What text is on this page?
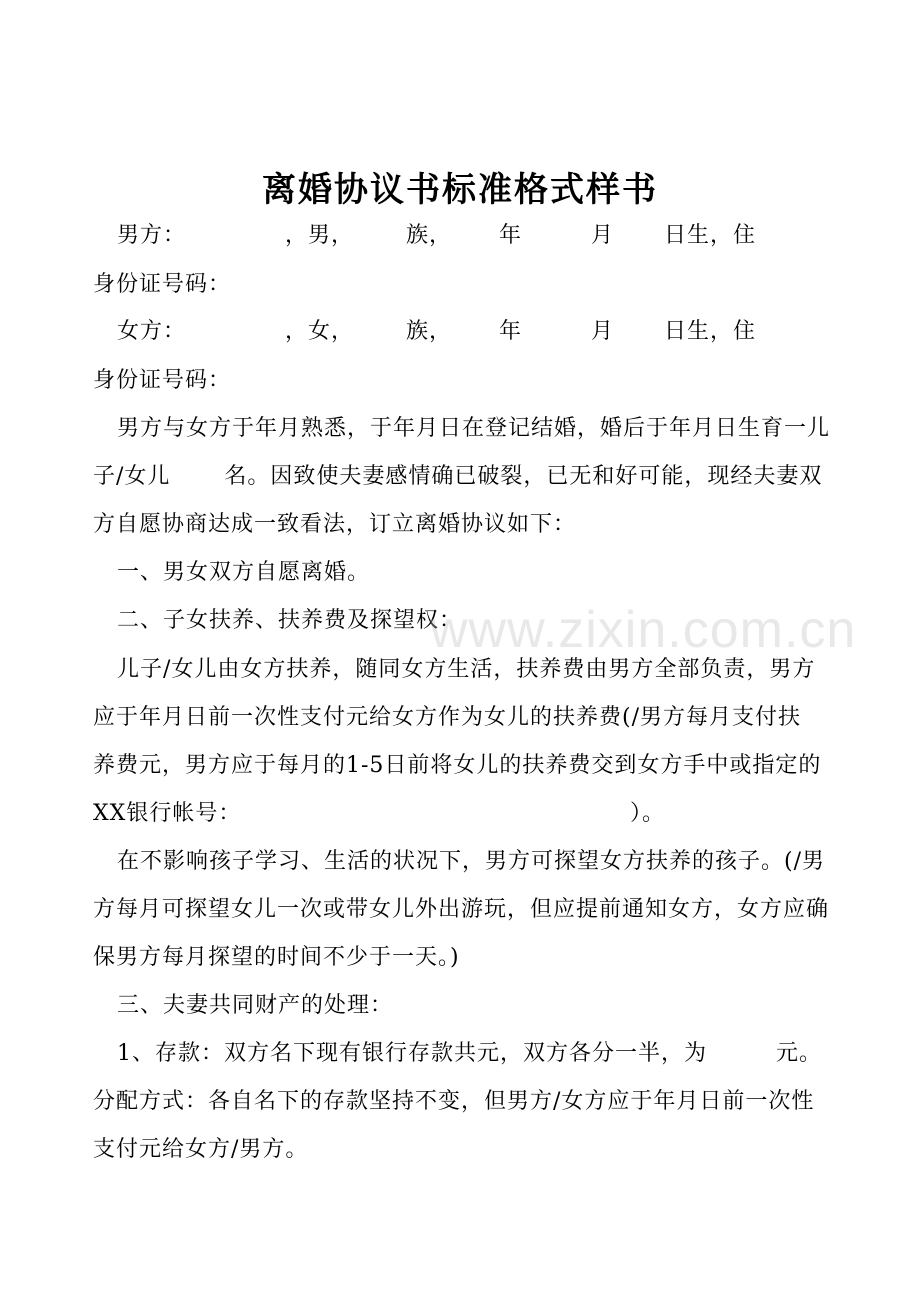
离婚协议书标准格式样书
男方：	，男， 族， 年	月 日生，住
身份证号码：
女方：	，女， 族， 年	月 日生，住
身份证号码：
男方与女方于年月熟悉，于年月日在登记结婚，婚后于年月日生育一儿
子/女儿　　 名。因致使夫妻感情确已破裂，已无和好可能，现经夫妻双
方自愿协商达成一致看法，订立离婚协议如下：
一、男女双方自愿离婚。
二、子女扶养、扶养费及探望权：
儿子/女儿由女方扶养，随同女方生活，扶养费由男方全部负责，男方
应于年月日前一次性支付元给女方作为女儿的扶养费(/男方每月支付扶
养费元，男方应于每月的1-5日前将女儿的扶养费交到女方手中或指定的
XX银行帐号：	）。
在不影响孩子学习、生活的状况下，男方可探望女方扶养的孩子。(/男
方每月可探望女儿一次或带女儿外出游玩，但应提前通知女方，女方应确
保男方每月探望的时间不少于一天。)
三、夫妻共同财产的处理：
1、存款：双方名下现有银行存款共元，双方各分一半，为	元。
分配方式：各自名下的存款坚持不变，但男方/女方应于年月日前一次性
支付元给女方/男方。
www.zixin.com.cn
